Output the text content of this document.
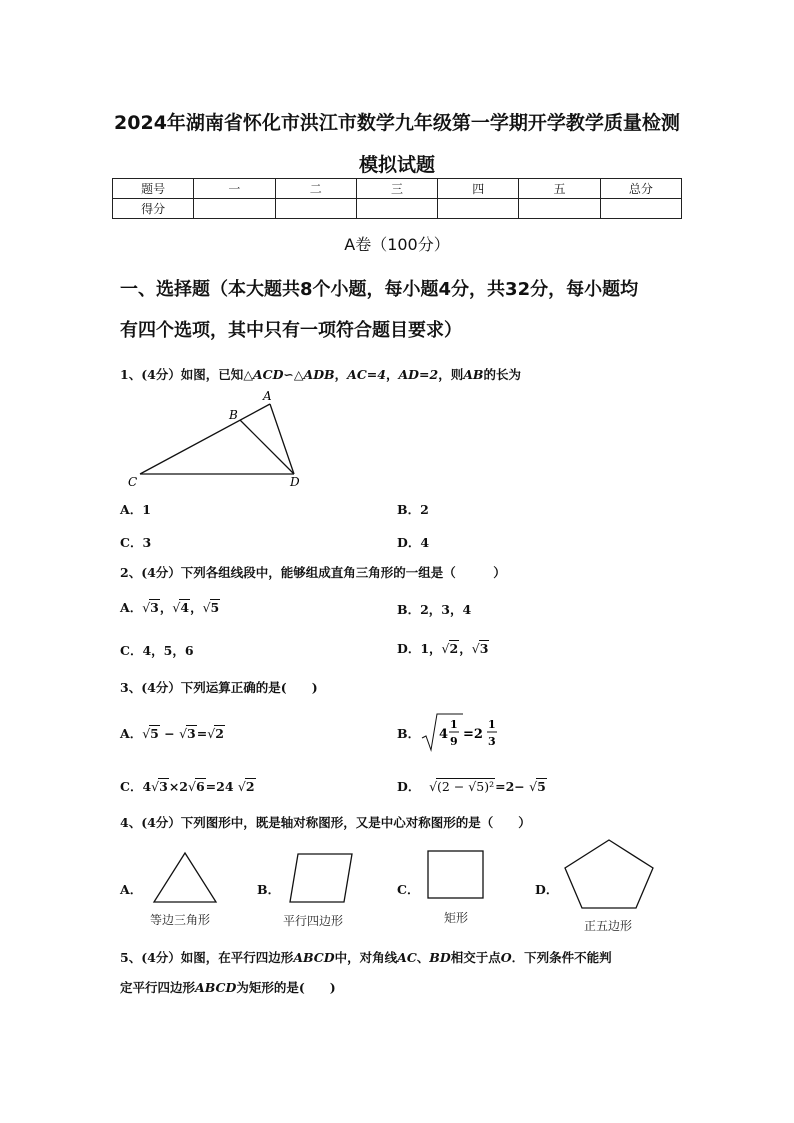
2024年湖南省怀化市洪江市数学九年级第一学期开学教学质量检测
模拟试题
题号	一	二	三	四	五	总分
得分						
A卷（100分）
一、选择题（本大题共8个小题，每小题4分，共32分，每小题均
有四个选项，其中只有一项符合题目要求）
1、(4分）如图，已知△ACD∽△ADB，AC=4，AD=2，则AB的长为
A
B
C	D
A．1	B．2
C．3	D．4
2、(4分）下列各组线段中，能够组成直角三角形的一组是（　　　）
A．√3，√4，√5	B．2，3，4
C．4，5，6	D．1，√2，√3
3、(4分）下列运算正确的是(　　)
A．√5 − √3=√2	B． 4
1
9 =2
1
3
C．4√3×2√6=24 √2	D． √(2 − √5)²=2− √5
4、(4分）下列图形中，既是轴对称图形，又是中心对称图形的是（　　）
A．
等边三角形
B．
平行四边形
C．
矩形
D．
正五边形
5、(4分）如图，在平行四边形ABCD中，对角线AC、BD相交于点O．下列条件不能判
定平行四边形ABCD为矩形的是(　　)
